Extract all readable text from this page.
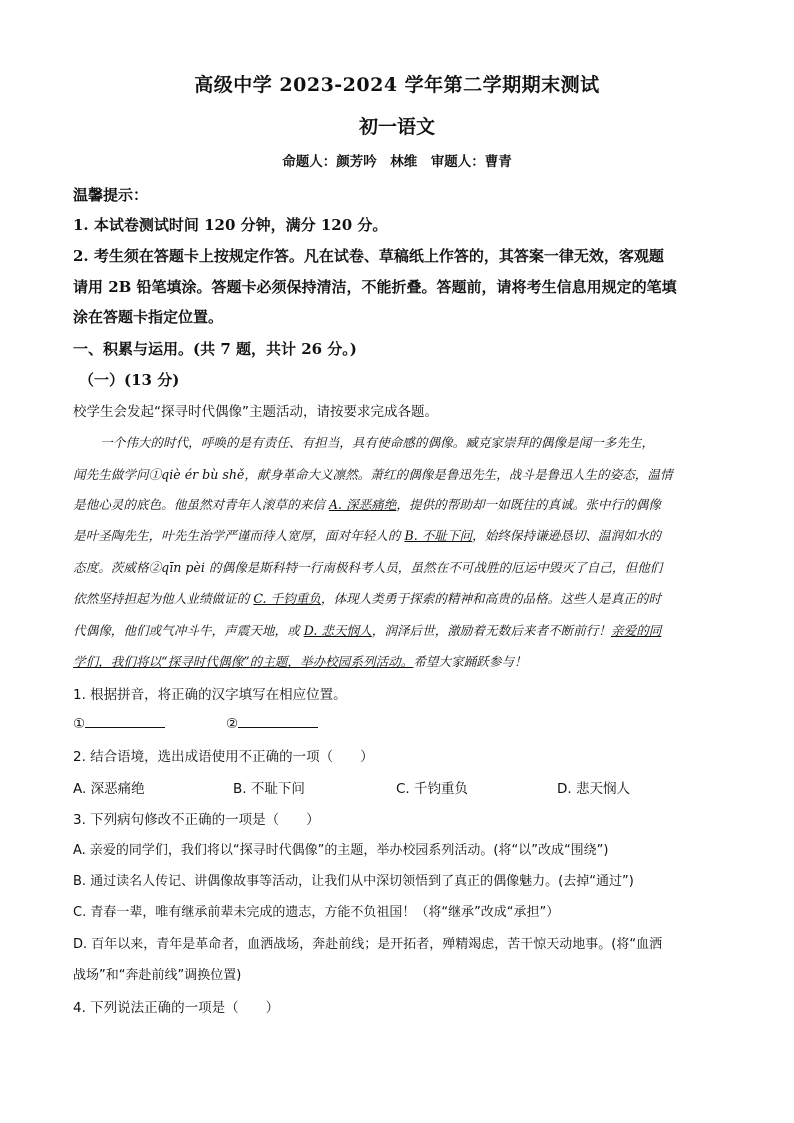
高级中学 2023-2024 学年第二学期期末测试
初一语文
命题人：颜芳吟　林维　审题人：曹青
温馨提示：
1. 本试卷测试时间 120 分钟，满分 120 分。
2. 考生须在答题卡上按规定作答。凡在试卷、草稿纸上作答的，其答案一律无效，客观题
请用 2B 铅笔填涂。答题卡必须保持清洁，不能折叠。答题前，请将考生信息用规定的笔填
涂在答题卡指定位置。
一、积累与运用。(共 7 题，共计 26 分。)
（一）(13 分)
校学生会发起“探寻时代偶像”主题活动，请按要求完成各题。
一个伟大的时代，呼唤的是有责任、有担当，具有使命感的偶像。臧克家崇拜的偶像是闻一多先生，
闻先生做学问①qiè ér bù shě，献身革命大义凛然。萧红的偶像是鲁迅先生，战斗是鲁迅人生的姿态，温情
是他心灵的底色。他虽然对青年人滚草的来信 A. 深恶痛绝，提供的帮助却一如既往的真诚。张中行的偶像
是叶圣陶先生，叶先生治学严谨而待人宽厚，面对年轻人的 B. 不耻下问，始终保持谦逊恳切、温润如水的
态度。茨威格②qīn pèi 的偶像是斯科特一行南极科考人员，虽然在不可战胜的厄运中毁灭了自己，但他们
依然坚持担起为他人业绩做证的 C. 千钧重负，体现人类勇于探索的精神和高贵的品格。这些人是真正的时
代偶像，他们或气冲斗牛，声震天地，或 D. 悲天悯人，润泽后世，激励着无数后来者不断前行！亲爱的同
学们，我们将以“探寻时代偶像”的主题，举办校园系列活动。希望大家踊跃参与！
1. 根据拼音，将正确的汉字填写在相应位置。
①	②
2. 结合语境，选出成语使用不正确的一项（　　）
A. 深恶痛绝	B. 不耻下问	C. 千钧重负	D. 悲天悯人
3. 下列病句修改不正确的一项是（　　）
A. 亲爱的同学们，我们将以“探寻时代偶像”的主题，举办校园系列活动。(将“以”改成“围绕”)
B. 通过读名人传记、讲偶像故事等活动，让我们从中深切领悟到了真正的偶像魅力。(去掉“通过”)
C. 青春一辈，唯有继承前辈未完成的遗志，方能不负祖国！（将“继承”改成“承担”）
D. 百年以来，青年是革命者，血洒战场，奔赴前线；是开拓者，殚精竭虑，苦干惊天动地事。(将“血洒
战场”和“奔赴前线”调换位置)
4. 下列说法正确的一项是（　　）
